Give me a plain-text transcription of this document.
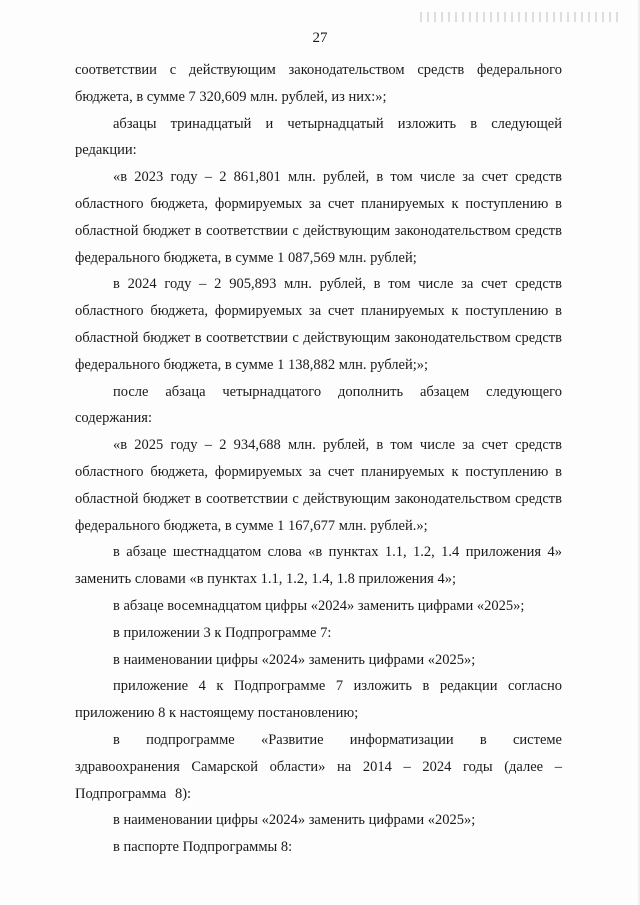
27

соответствии с действующим законодательством средств федерального бюджета, в сумме 7 320,609 млн. рублей, из них:»;

абзацы тринадцатый и четырнадцатый изложить в следующей редакции:

«в 2023 году – 2 861,801 млн. рублей, в том числе за счет средств областного бюджета, формируемых за счет планируемых к поступлению в областной бюджет в соответствии с действующим законодательством средств федерального бюджета, в сумме 1 087,569 млн. рублей;

в 2024 году – 2 905,893 млн. рублей, в том числе за счет средств областного бюджета, формируемых за счет планируемых к поступлению в областной бюджет в соответствии с действующим законодательством средств федерального бюджета, в сумме 1 138,882 млн. рублей;»;

после абзаца четырнадцатого дополнить абзацем следующего содержания:

«в 2025 году – 2 934,688 млн. рублей, в том числе за счет средств областного бюджета, формируемых за счет планируемых к поступлению в областной бюджет в соответствии с действующим законодательством средств федерального бюджета, в сумме 1 167,677 млн. рублей.»;

в абзаце шестнадцатом слова «в пунктах 1.1, 1.2, 1.4 приложения 4» заменить словами «в пунктах 1.1, 1.2, 1.4, 1.8 приложения 4»;

в абзаце восемнадцатом цифры «2024» заменить цифрами «2025»;

в приложении 3 к Подпрограмме 7:

в наименовании цифры «2024» заменить цифрами «2025»;

приложение 4 к Подпрограмме 7 изложить в редакции согласно приложению 8 к настоящему постановлению;

в подпрограмме «Развитие информатизации в системе здравоохранения Самарской области» на 2014 – 2024 годы (далее – Подпрограмма 8):

в наименовании цифры «2024» заменить цифрами «2025»;

в паспорте Подпрограммы 8:
